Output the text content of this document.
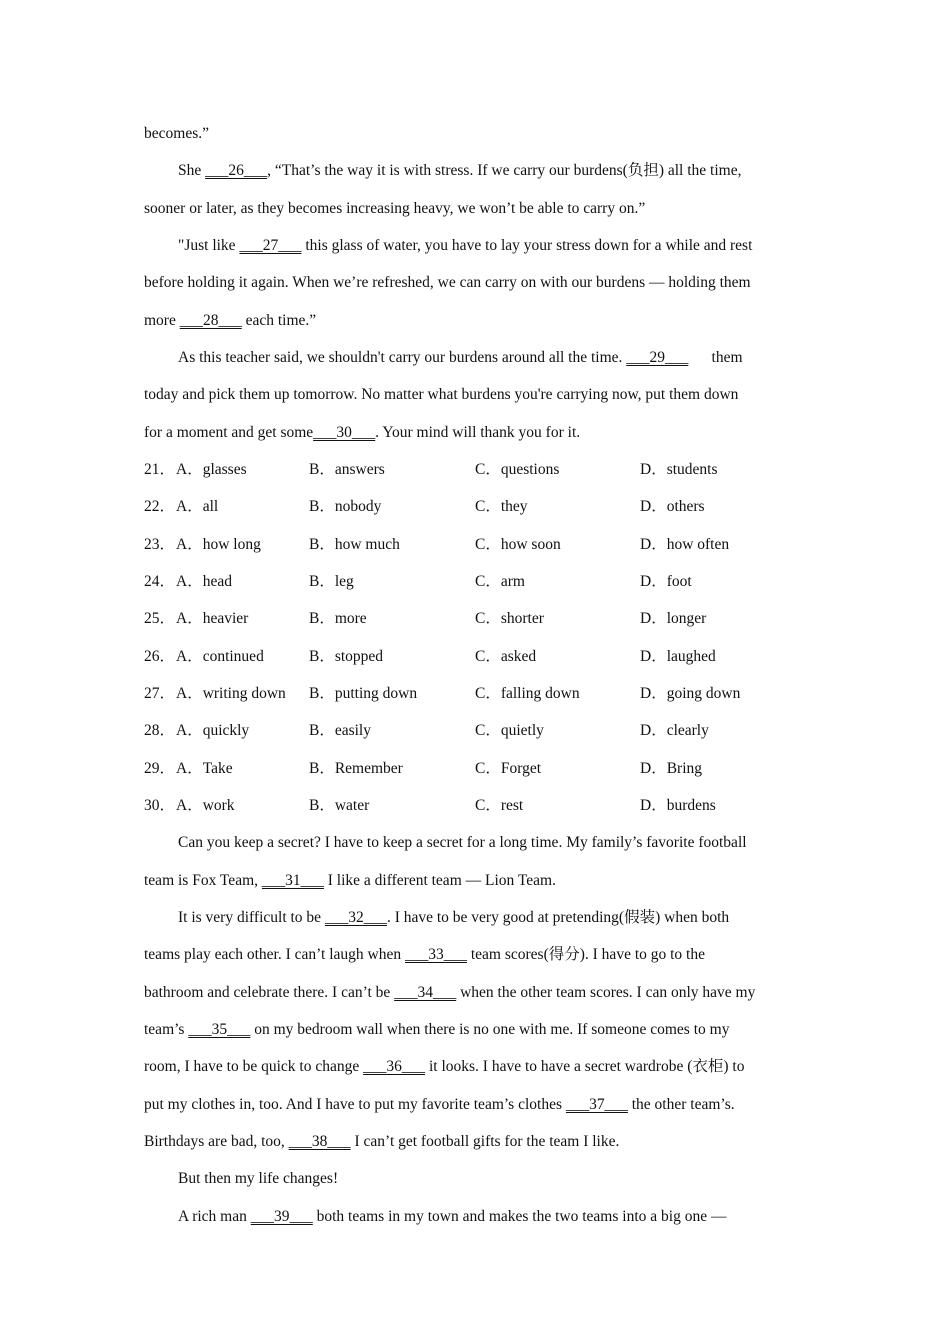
becomes.”
She ___26___, “That’s the way it is with stress. If we carry our burdens(负担) all the time,
sooner or later, as they becomes increasing heavy, we won’t be able to carry on.”
"Just like ___27___ this glass of water, you have to lay your stress down for a while and rest
before holding it again. When we’re refreshed, we can carry on with our burdens — holding them
more ___28___ each time.”
As this teacher said, we shouldn't carry our burdens around all the time. ___29___      them
today and pick them up tomorrow. No matter what burdens you're carrying now, put them down
for a moment and get some___30___. Your mind will thank you for it.
21． A．glasses	B．answers	C．questions	D．students
22． A．all	B．nobody	C．they	D．others
23． A．how long	B．how much	C．how soon	D．how often
24． A．head	B．leg	C．arm	D．foot
25． A．heavier	B．more	C．shorter	D．longer
26． A．continued	B．stopped	C．asked	D．laughed
27． A．writing down B．putting down	C．falling down	D．going down
28． A．quickly	B．easily	C．quietly	D．clearly
29． A．Take	B．Remember	C．Forget	D．Bring
30． A．work	B．water	C．rest	D．burdens
Can you keep a secret? I have to keep a secret for a long time. My family’s favorite football
team is Fox Team, ___31___ I like a different team — Lion Team.
It is very difficult to be ___32___. I have to be very good at pretending(假装) when both
teams play each other. I can’t laugh when ___33___ team scores(得分). I have to go to the
bathroom and celebrate there. I can’t be ___34___ when the other team scores. I can only have my
team’s ___35___ on my bedroom wall when there is no one with me. If someone comes to my
room, I have to be quick to change ___36___ it looks. I have to have a secret wardrobe (衣柜) to
put my clothes in, too. And I have to put my favorite team’s clothes ___37___ the other team’s.
Birthdays are bad, too, ___38___ I can’t get football gifts for the team I like.
But then my life changes!
A rich man ___39___ both teams in my town and makes the two teams into a big one —
